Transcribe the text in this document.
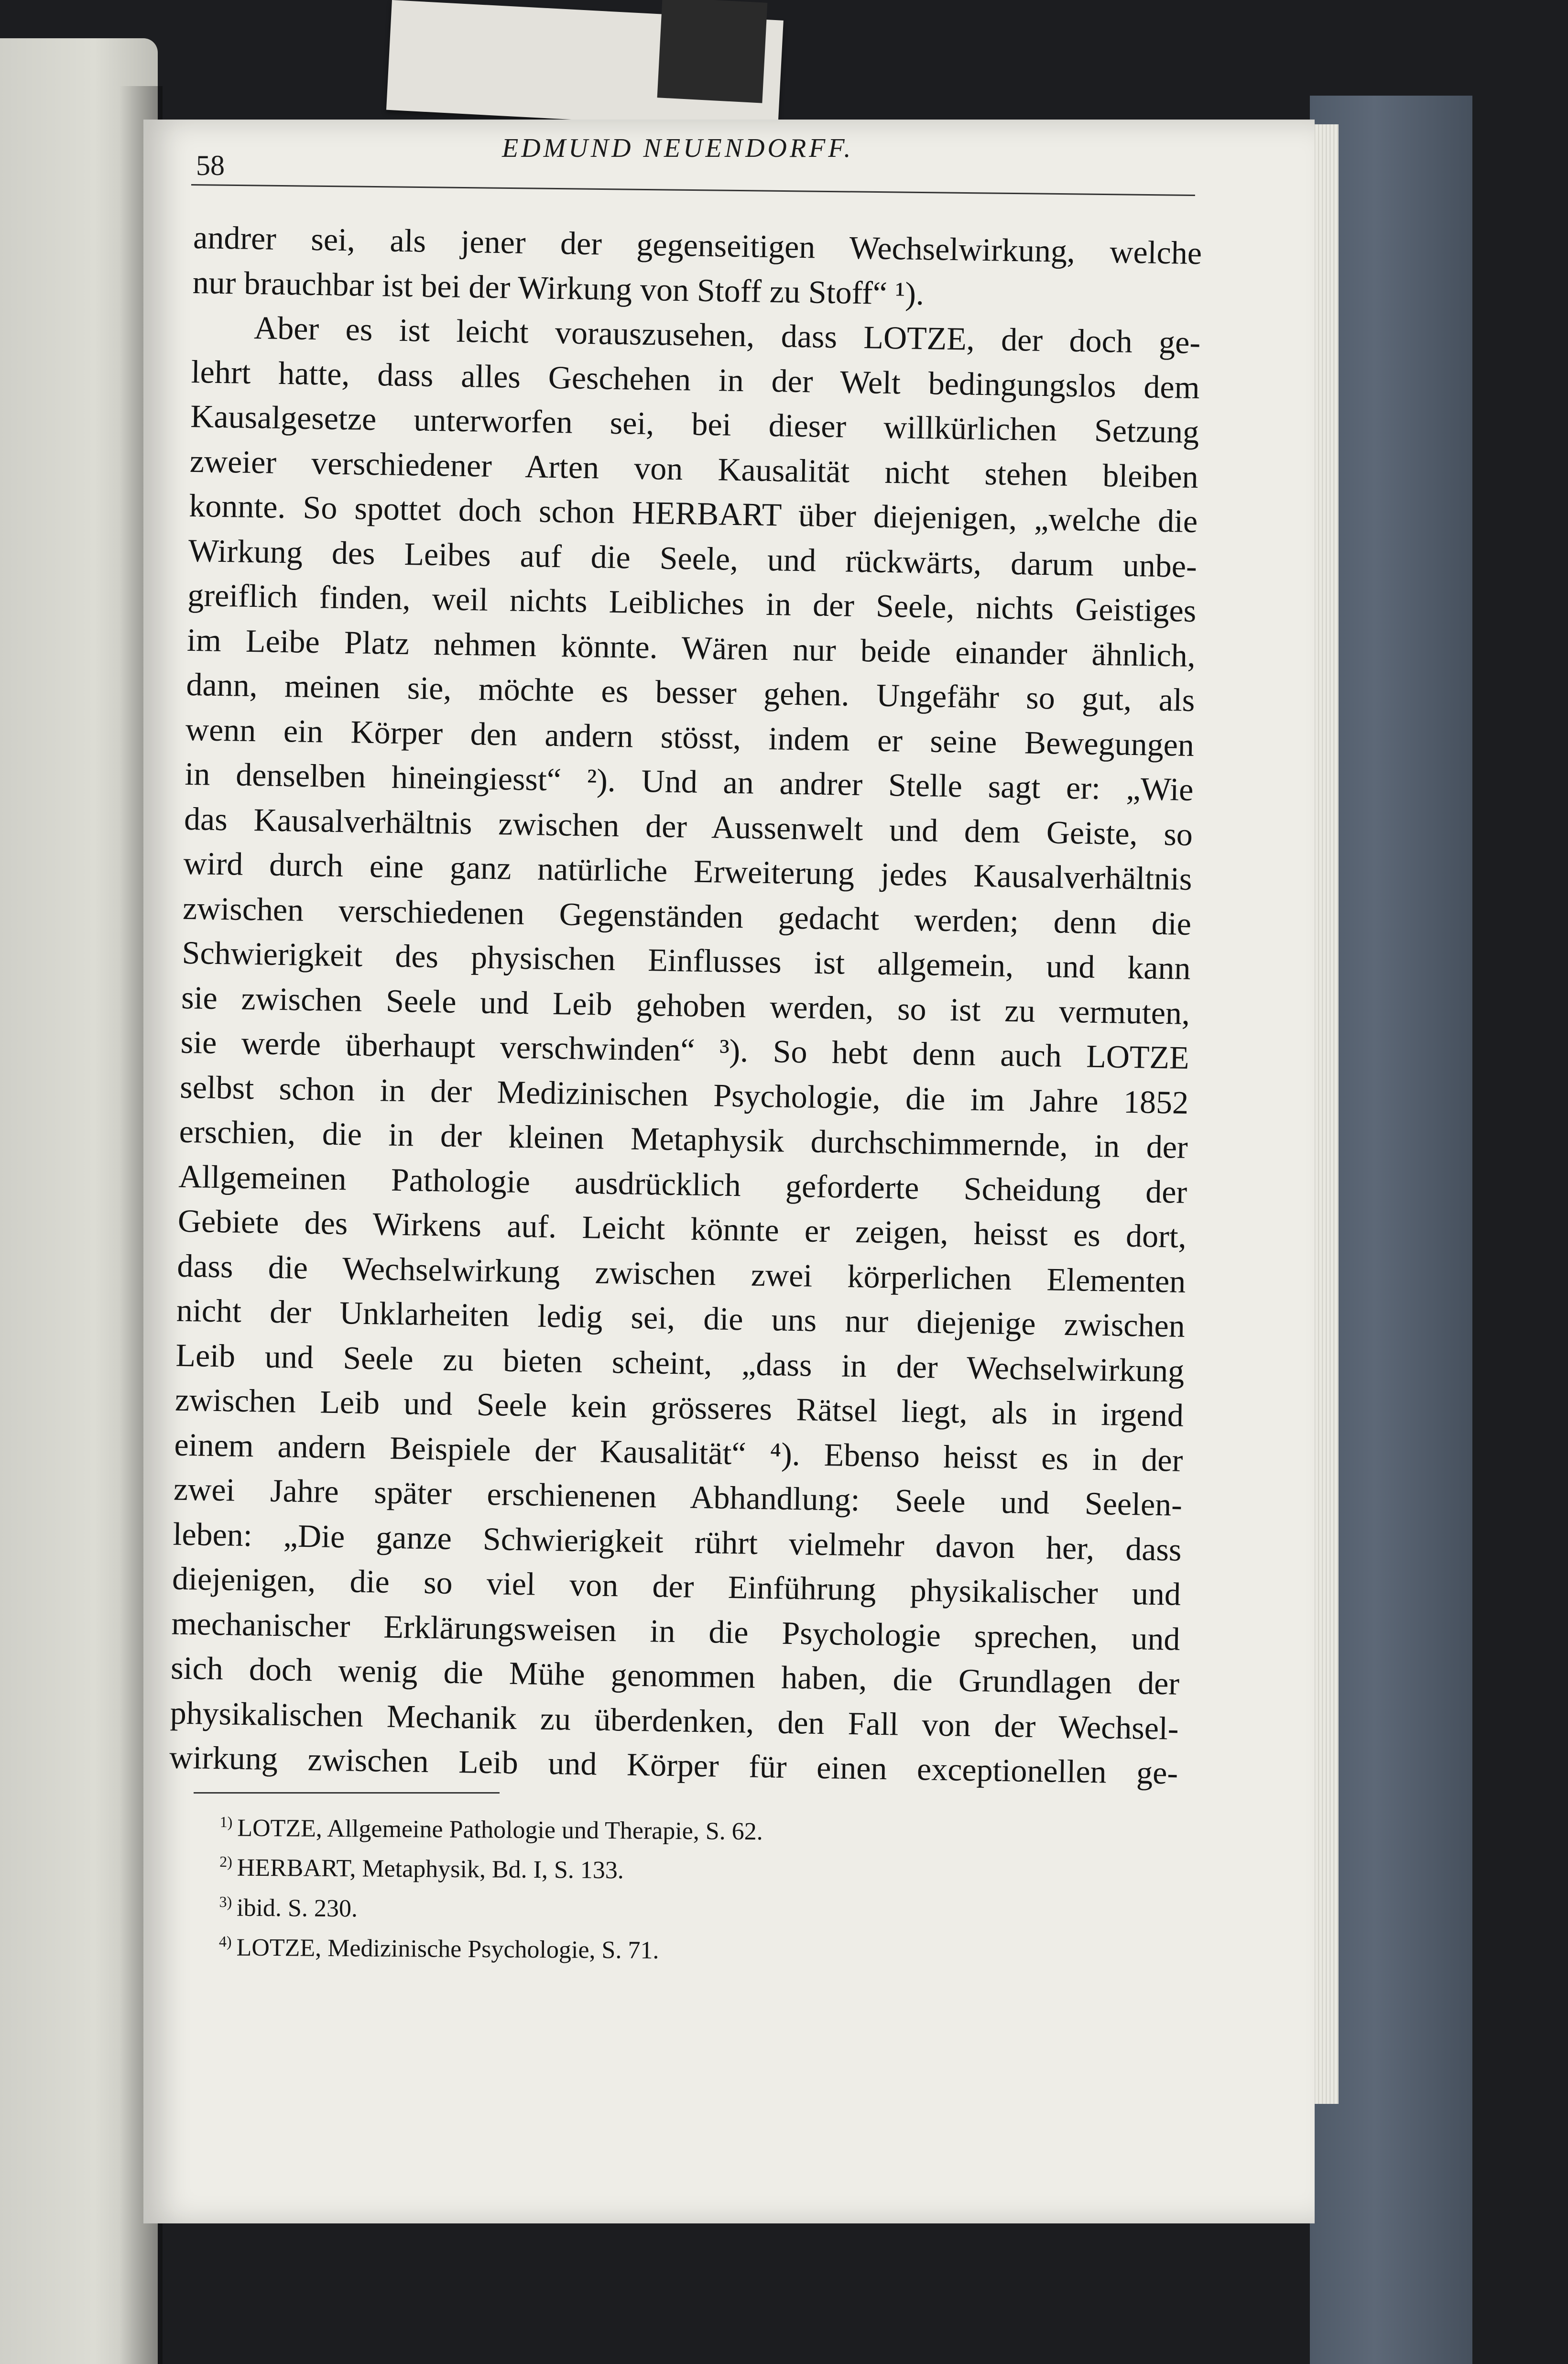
58
EDMUND NEUENDORFF.
andrer sei, als jener der gegenseitigen Wechselwirkung, welche
nur brauchbar ist bei der Wirkung von Stoff zu Stoff“ ¹).
Aber es ist leicht vorauszusehen, dass LOTZE, der doch ge-
lehrt hatte, dass alles Geschehen in der Welt bedingungslos dem
Kausalgesetze unterworfen sei, bei dieser willkürlichen Setzung
zweier verschiedener Arten von Kausalität nicht stehen bleiben
konnte. So spottet doch schon HERBART über diejenigen, „welche die
Wirkung des Leibes auf die Seele, und rückwärts, darum unbe-
greiflich finden, weil nichts Leibliches in der Seele, nichts Geistiges
im Leibe Platz nehmen könnte. Wären nur beide einander ähnlich,
dann, meinen sie, möchte es besser gehen. Ungefähr so gut, als
wenn ein Körper den andern stösst, indem er seine Bewegungen
in denselben hineingiesst“ ²). Und an andrer Stelle sagt er: „Wie
das Kausalverhältnis zwischen der Aussenwelt und dem Geiste, so
wird durch eine ganz natürliche Erweiterung jedes Kausalverhältnis
zwischen verschiedenen Gegenständen gedacht werden; denn die
Schwierigkeit des physischen Einflusses ist allgemein, und kann
sie zwischen Seele und Leib gehoben werden, so ist zu vermuten,
sie werde überhaupt verschwinden“ ³). So hebt denn auch LOTZE
selbst schon in der Medizinischen Psychologie, die im Jahre 1852
erschien, die in der kleinen Metaphysik durchschimmernde, in der
Allgemeinen Pathologie ausdrücklich geforderte Scheidung der
Gebiete des Wirkens auf. Leicht könnte er zeigen, heisst es dort,
dass die Wechselwirkung zwischen zwei körperlichen Elementen
nicht der Unklarheiten ledig sei, die uns nur diejenige zwischen
Leib und Seele zu bieten scheint, „dass in der Wechselwirkung
zwischen Leib und Seele kein grösseres Rätsel liegt, als in irgend
einem andern Beispiele der Kausalität“ ⁴). Ebenso heisst es in der
zwei Jahre später erschienenen Abhandlung: Seele und Seelen-
leben: „Die ganze Schwierigkeit rührt vielmehr davon her, dass
diejenigen, die so viel von der Einführung physikalischer und
mechanischer Erklärungsweisen in die Psychologie sprechen, und
sich doch wenig die Mühe genommen haben, die Grundlagen der
physikalischen Mechanik zu überdenken, den Fall von der Wechsel-
wirkung zwischen Leib und Körper für einen exceptionellen ge-
$^{1)}$ LOTZE, Allgemeine Pathologie und Therapie, S. 62.
$^{2)}$ HERBART, Metaphysik, Bd. I, S. 133.
$^{3)}$ ibid. S. 230.
$^{4)}$ LOTZE, Medizinische Psychologie, S. 71.
